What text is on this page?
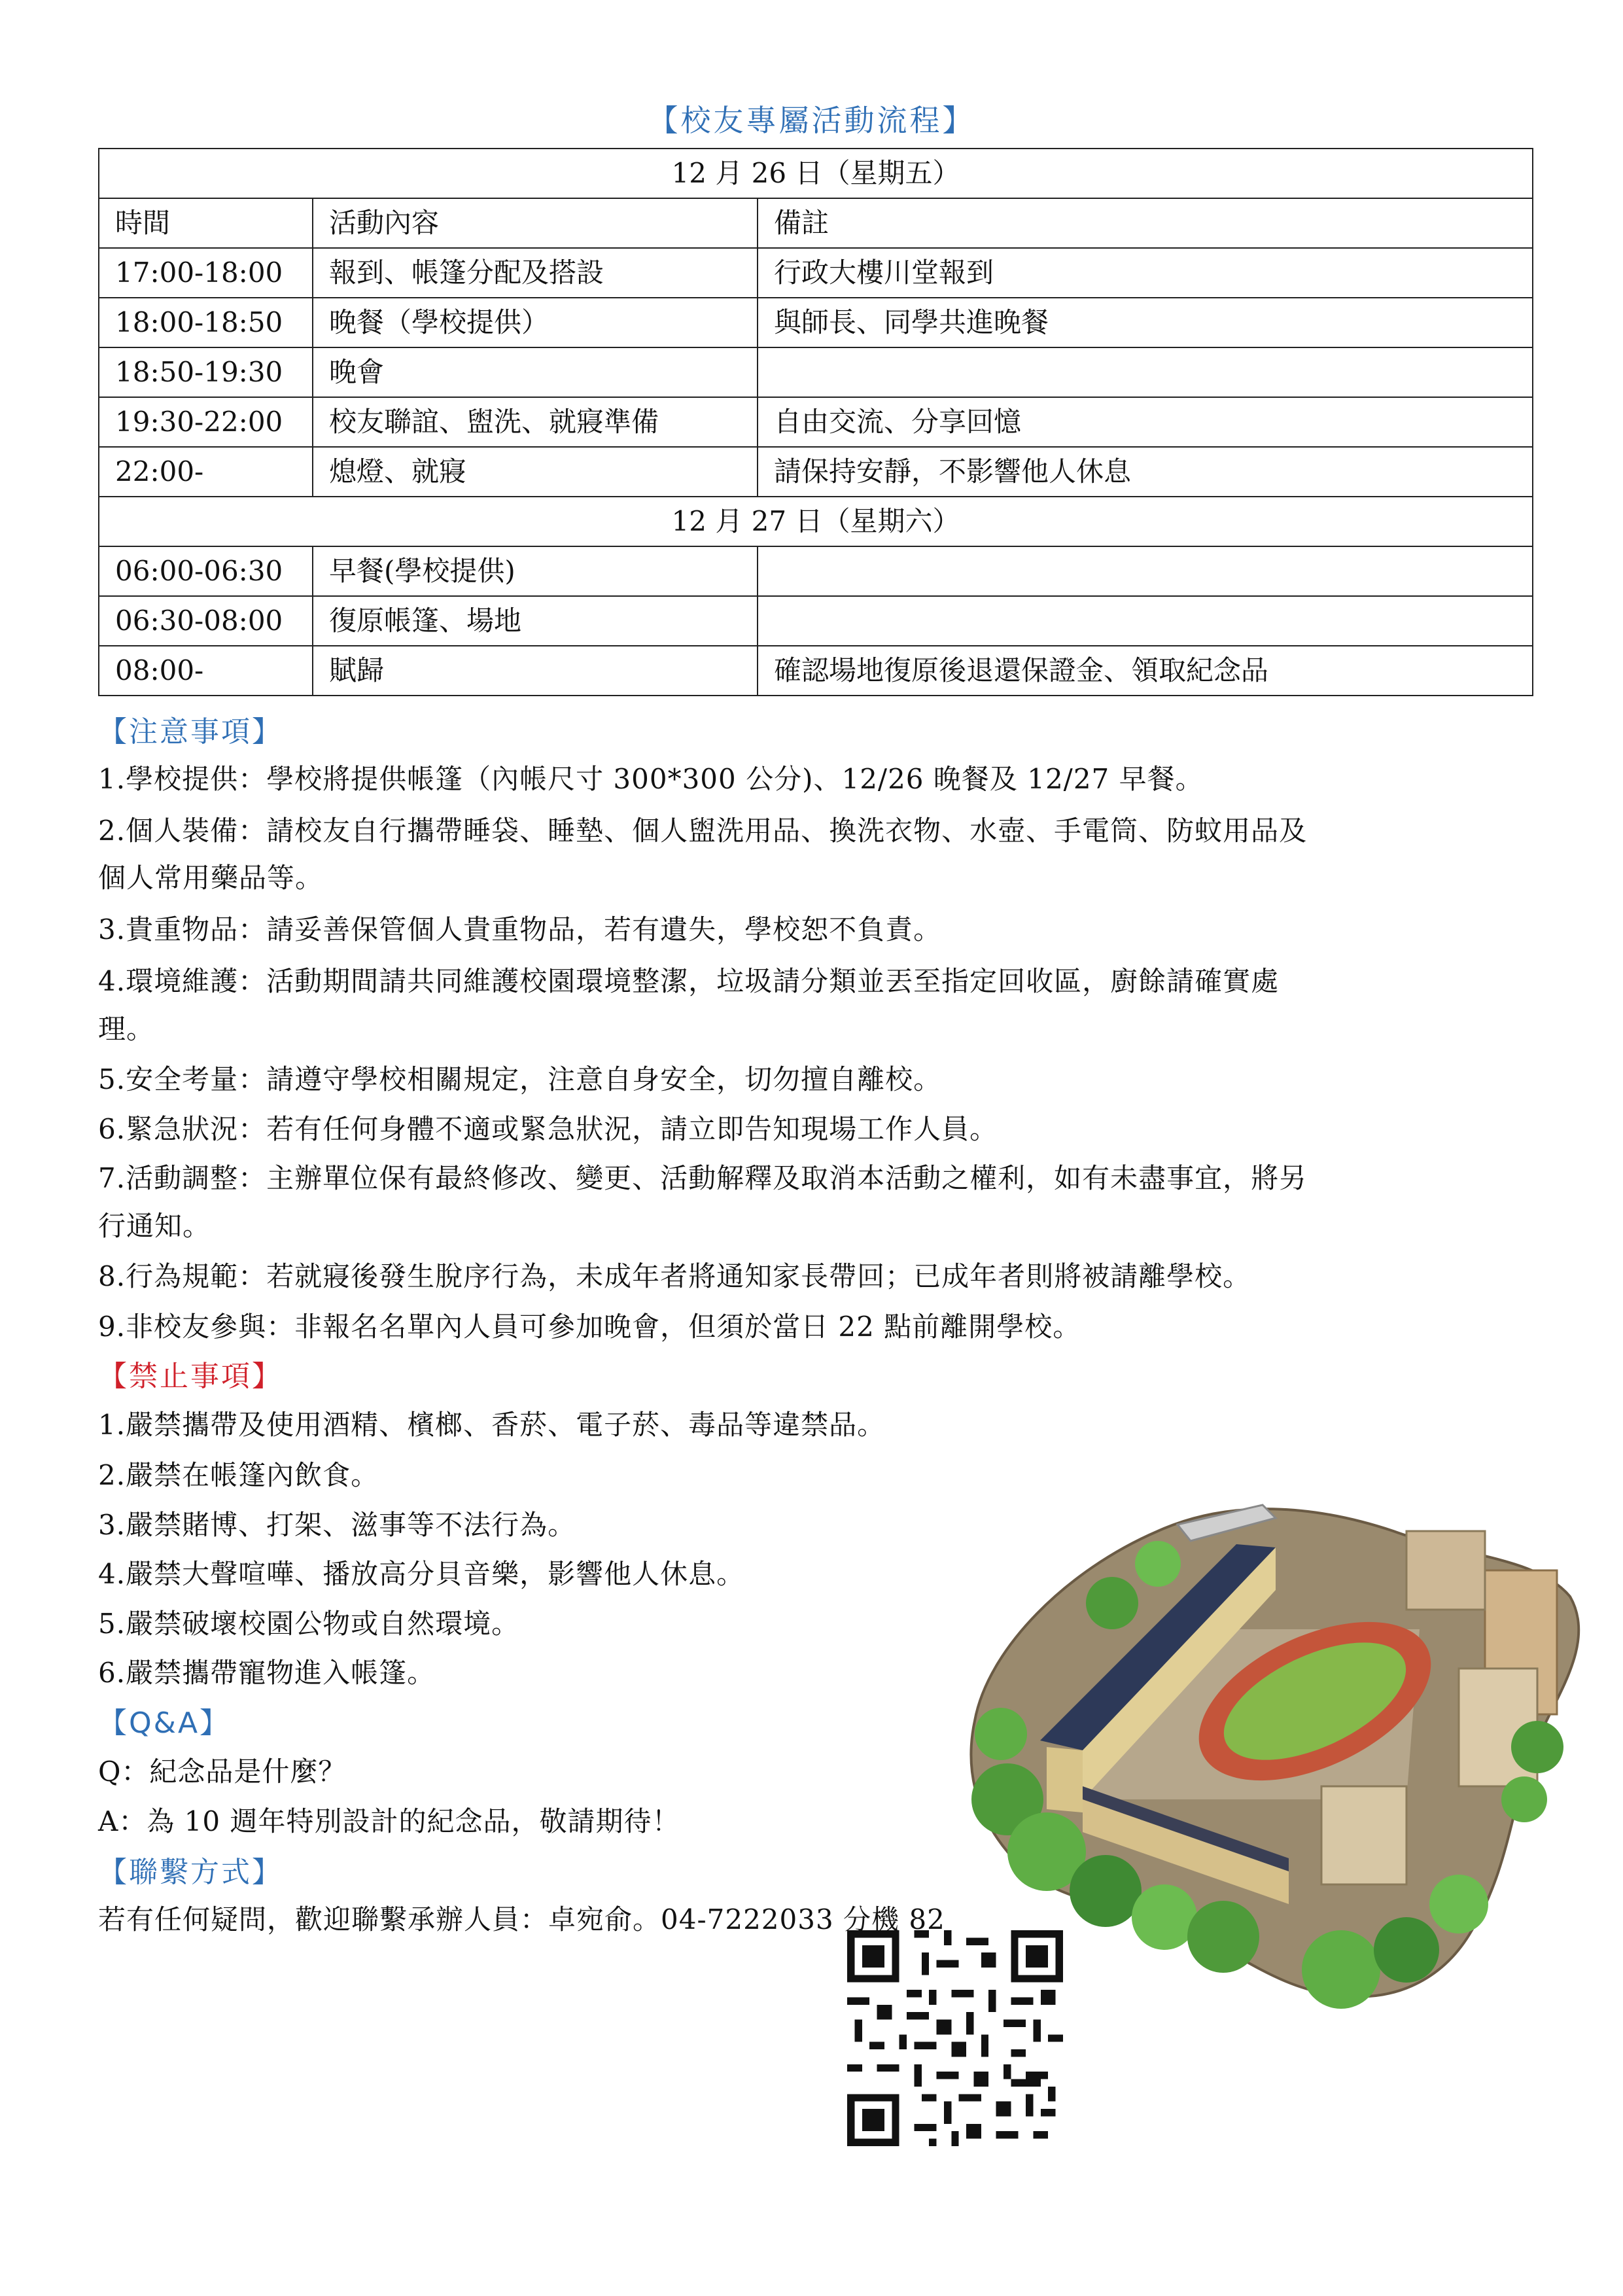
【校友專屬活動流程】
12 月 26 日（星期五）		
時間	活動內容	備註
17:00-18:00	報到、帳篷分配及搭設	行政大樓川堂報到
18:00-18:50	晚餐（學校提供）	與師長、同學共進晚餐
18:50-19:30	晚會	
19:30-22:00	校友聯誼、盥洗、就寢準備	自由交流、分享回憶
22:00-	熄燈、就寢	請保持安靜，不影響他人休息
12 月 27 日（星期六）		
06:00-06:30	早餐(學校提供)	
06:30-08:00	復原帳篷、場地	
08:00-	賦歸	確認場地復原後退還保證金、領取紀念品
【注意事項】
1.學校提供：學校將提供帳篷（內帳尺寸 300*300 公分)、12/26 晚餐及 12/27 早餐。
2.個人裝備：請校友自行攜帶睡袋、睡墊、個人盥洗用品、換洗衣物、水壺、手電筒、防蚊用品及
個人常用藥品等。
3.貴重物品：請妥善保管個人貴重物品，若有遺失，學校恕不負責。
4.環境維護：活動期間請共同維護校園環境整潔，垃圾請分類並丟至指定回收區，廚餘請確實處
理。
5.安全考量：請遵守學校相關規定，注意自身安全，切勿擅自離校。
6.緊急狀況：若有任何身體不適或緊急狀況，請立即告知現場工作人員。
7.活動調整：主辦單位保有最終修改、變更、活動解釋及取消本活動之權利，如有未盡事宜，將另
行通知。
8.行為規範：若就寢後發生脫序行為，未成年者將通知家長帶回；已成年者則將被請離學校。
9.非校友參與：非報名名單內人員可參加晚會，但須於當日 22 點前離開學校。
【禁止事項】
1.嚴禁攜帶及使用酒精、檳榔、香菸、電子菸、毒品等違禁品。
2.嚴禁在帳篷內飲食。
3.嚴禁賭博、打架、滋事等不法行為。
4.嚴禁大聲喧嘩、播放高分貝音樂，影響他人休息。
5.嚴禁破壞校園公物或自然環境。
6.嚴禁攜帶寵物進入帳篷。
【Q&A】
Q：紀念品是什麼？
A：為 10 週年特別設計的紀念品，敬請期待！
【聯繫方式】
若有任何疑問，歡迎聯繫承辦人員：卓宛俞。04-7222033 分機 82
